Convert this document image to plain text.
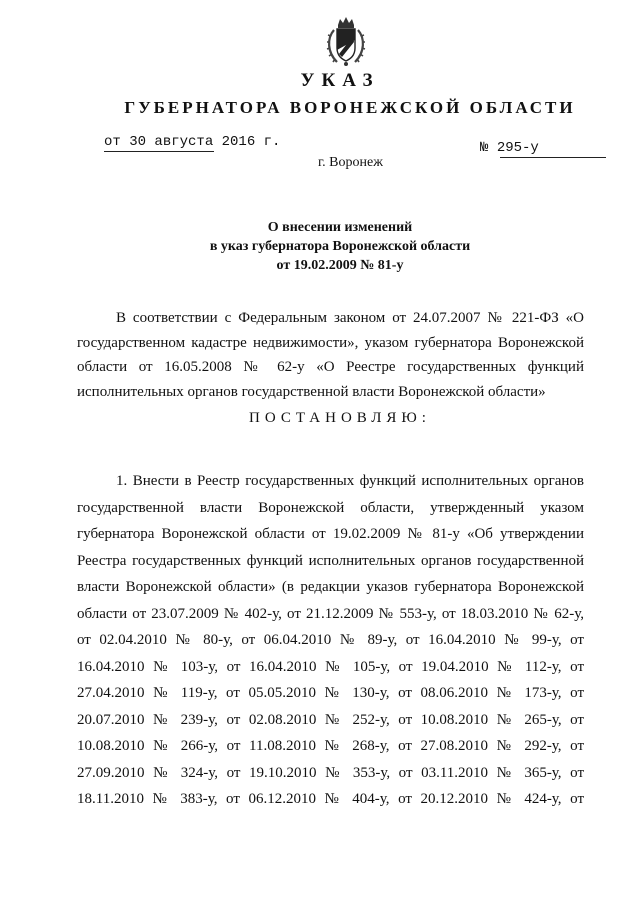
УКАЗ
ГУБЕРНАТОРА ВОРОНЕЖСКОЙ ОБЛАСТИ
от 30 августа 2016 г.	№ 295-у
г. Воронеж
О внесении изменений
в указ губернатора Воронежской области
от 19.02.2009 № 81-у
В соответствии с Федеральным законом от 24.07.2007 № 221-ФЗ «О
государственном кадастре недвижимости», указом губернатора Воронежской
области от 16.05.2008 № 62-у «О Реестре государственных функций
исполнительных органов государственной власти Воронежской области»
ПОСТАНОВЛЯЮ:
1. Внести в Реестр государственных функций исполнительных органов
государственной власти Воронежской области, утвержденный указом
губернатора Воронежской области от 19.02.2009 № 81-у «Об утверждении
Реестра государственных функций исполнительных органов государственной
власти Воронежской области» (в редакции указов губернатора Воронежской
области от 23.07.2009 № 402-у, от 21.12.2009 № 553-у, от 18.03.2010 № 62-у,
от 02.04.2010 № 80-у, от 06.04.2010 № 89-у, от 16.04.2010 № 99-у, от
16.04.2010 № 103-у, от 16.04.2010 № 105-у, от 19.04.2010 № 112-у, от
27.04.2010 № 119-у, от 05.05.2010 № 130-у, от 08.06.2010 № 173-у, от
20.07.2010 № 239-у, от 02.08.2010 № 252-у, от 10.08.2010 № 265-у, от
10.08.2010 № 266-у, от 11.08.2010 № 268-у, от 27.08.2010 № 292-у, от
27.09.2010 № 324-у, от 19.10.2010 № 353-у, от 03.11.2010 № 365-у, от
18.11.2010 № 383-у, от 06.12.2010 № 404-у, от 20.12.2010 № 424-у, от
